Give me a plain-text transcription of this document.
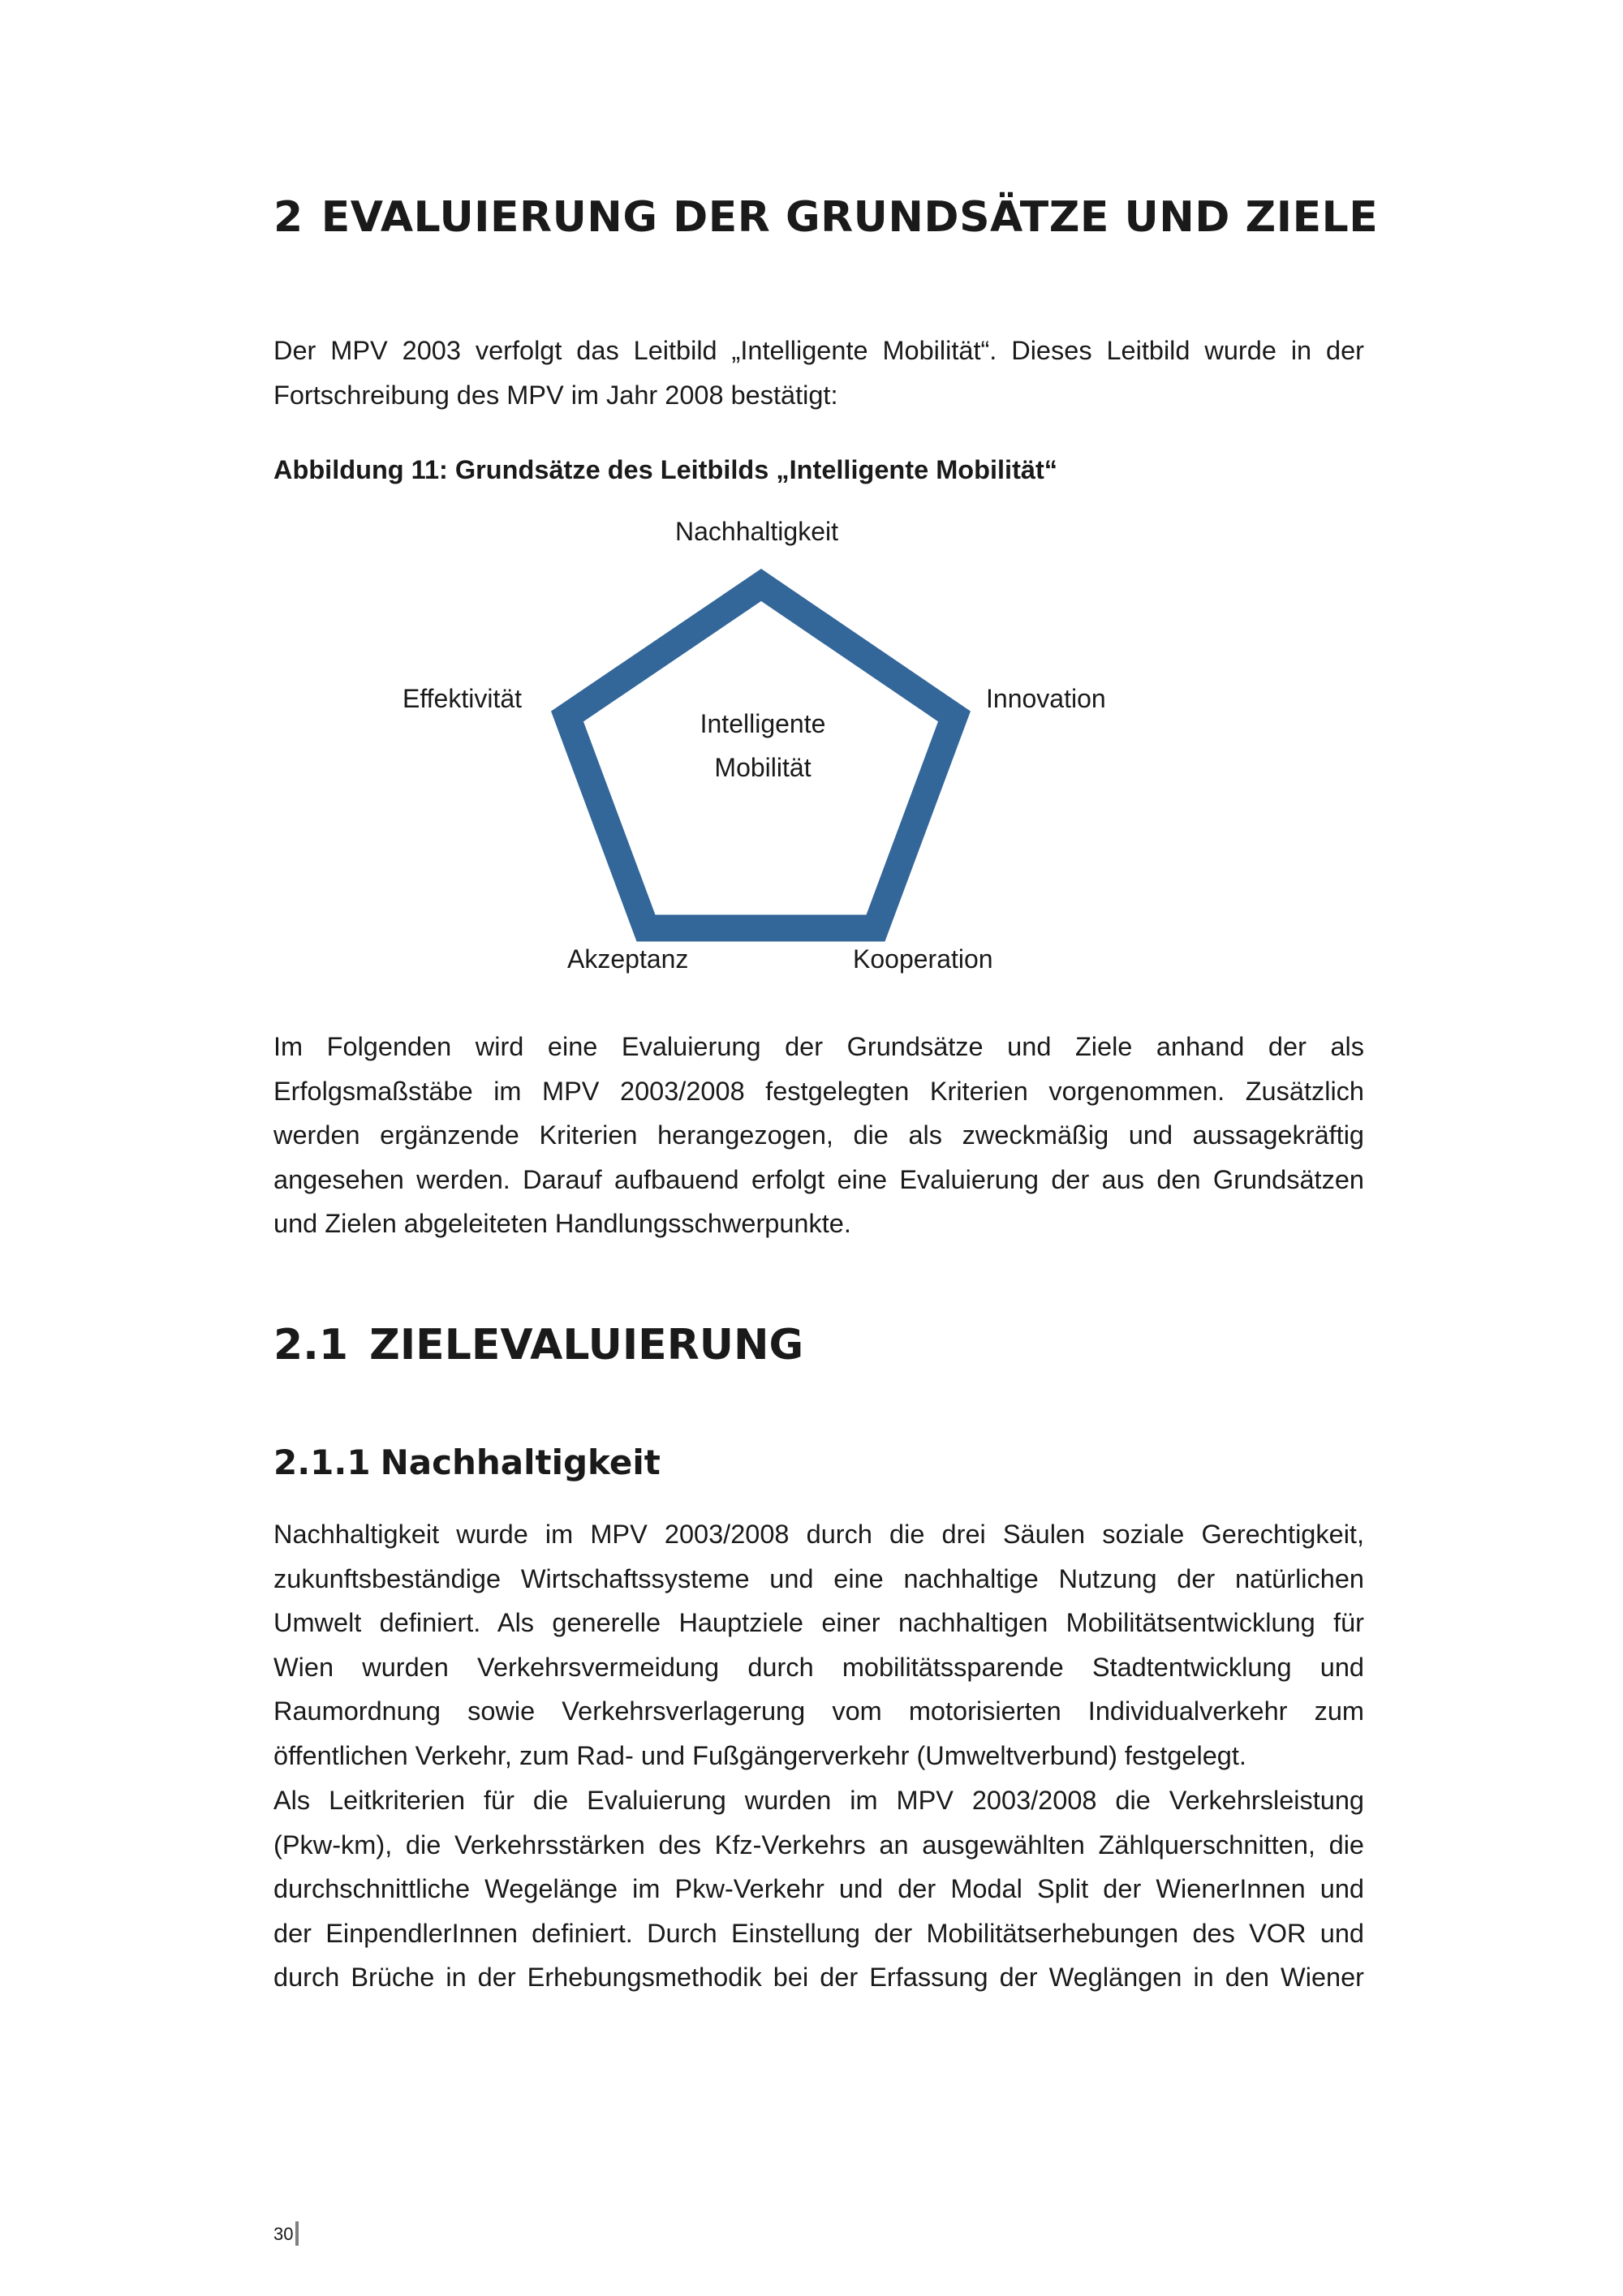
2 EVALUIERUNG DER GRUNDSÄTZE UND ZIELE

Der MPV 2003 verfolgt das Leitbild „Intelligente Mobilität“. Dieses Leitbild wurde in der
Fortschreibung des MPV im Jahr 2008 bestätigt:

Abbildung 11: Grundsätze des Leitbilds „Intelligente Mobilität“

Nachhaltigkeit
Effektivität	Innovation
Akzeptanz	Kooperation
Intelligente
Mobilität

Im Folgenden wird eine Evaluierung der Grundsätze und Ziele anhand der als
Erfolgsmaßstäbe im MPV 2003/2008 festgelegten Kriterien vorgenommen. Zusätzlich
werden ergänzende Kriterien herangezogen, die als zweckmäßig und aussagekräftig
angesehen werden. Darauf aufbauend erfolgt eine Evaluierung der aus den Grundsätzen
und Zielen abgeleiteten Handlungsschwerpunkte.

2.1 ZIELEVALUIERUNG
2.1.1 Nachhaltigkeit

Nachhaltigkeit wurde im MPV 2003/2008 durch die drei Säulen soziale Gerechtigkeit,
zukunftsbeständige Wirtschaftssysteme und eine nachhaltige Nutzung der natürlichen
Umwelt definiert. Als generelle Hauptziele einer nachhaltigen Mobilitätsentwicklung für
Wien wurden Verkehrsvermeidung durch mobilitätssparende Stadtentwicklung und
Raumordnung sowie Verkehrsverlagerung vom motorisierten Individualverkehr zum
öffentlichen Verkehr, zum Rad- und Fußgängerverkehr (Umweltverbund) festgelegt.

Als Leitkriterien für die Evaluierung wurden im MPV 2003/2008 die Verkehrsleistung
(Pkw-km), die Verkehrsstärken des Kfz-Verkehrs an ausgewählten Zählquerschnitten, die
durchschnittliche Wegelänge im Pkw-Verkehr und der Modal Split der WienerInnen und
der EinpendlerInnen definiert. Durch Einstellung der Mobilitätserhebungen des VOR und
durch Brüche in der Erhebungsmethodik bei der Erfassung der Weglängen in den Wiener

30
